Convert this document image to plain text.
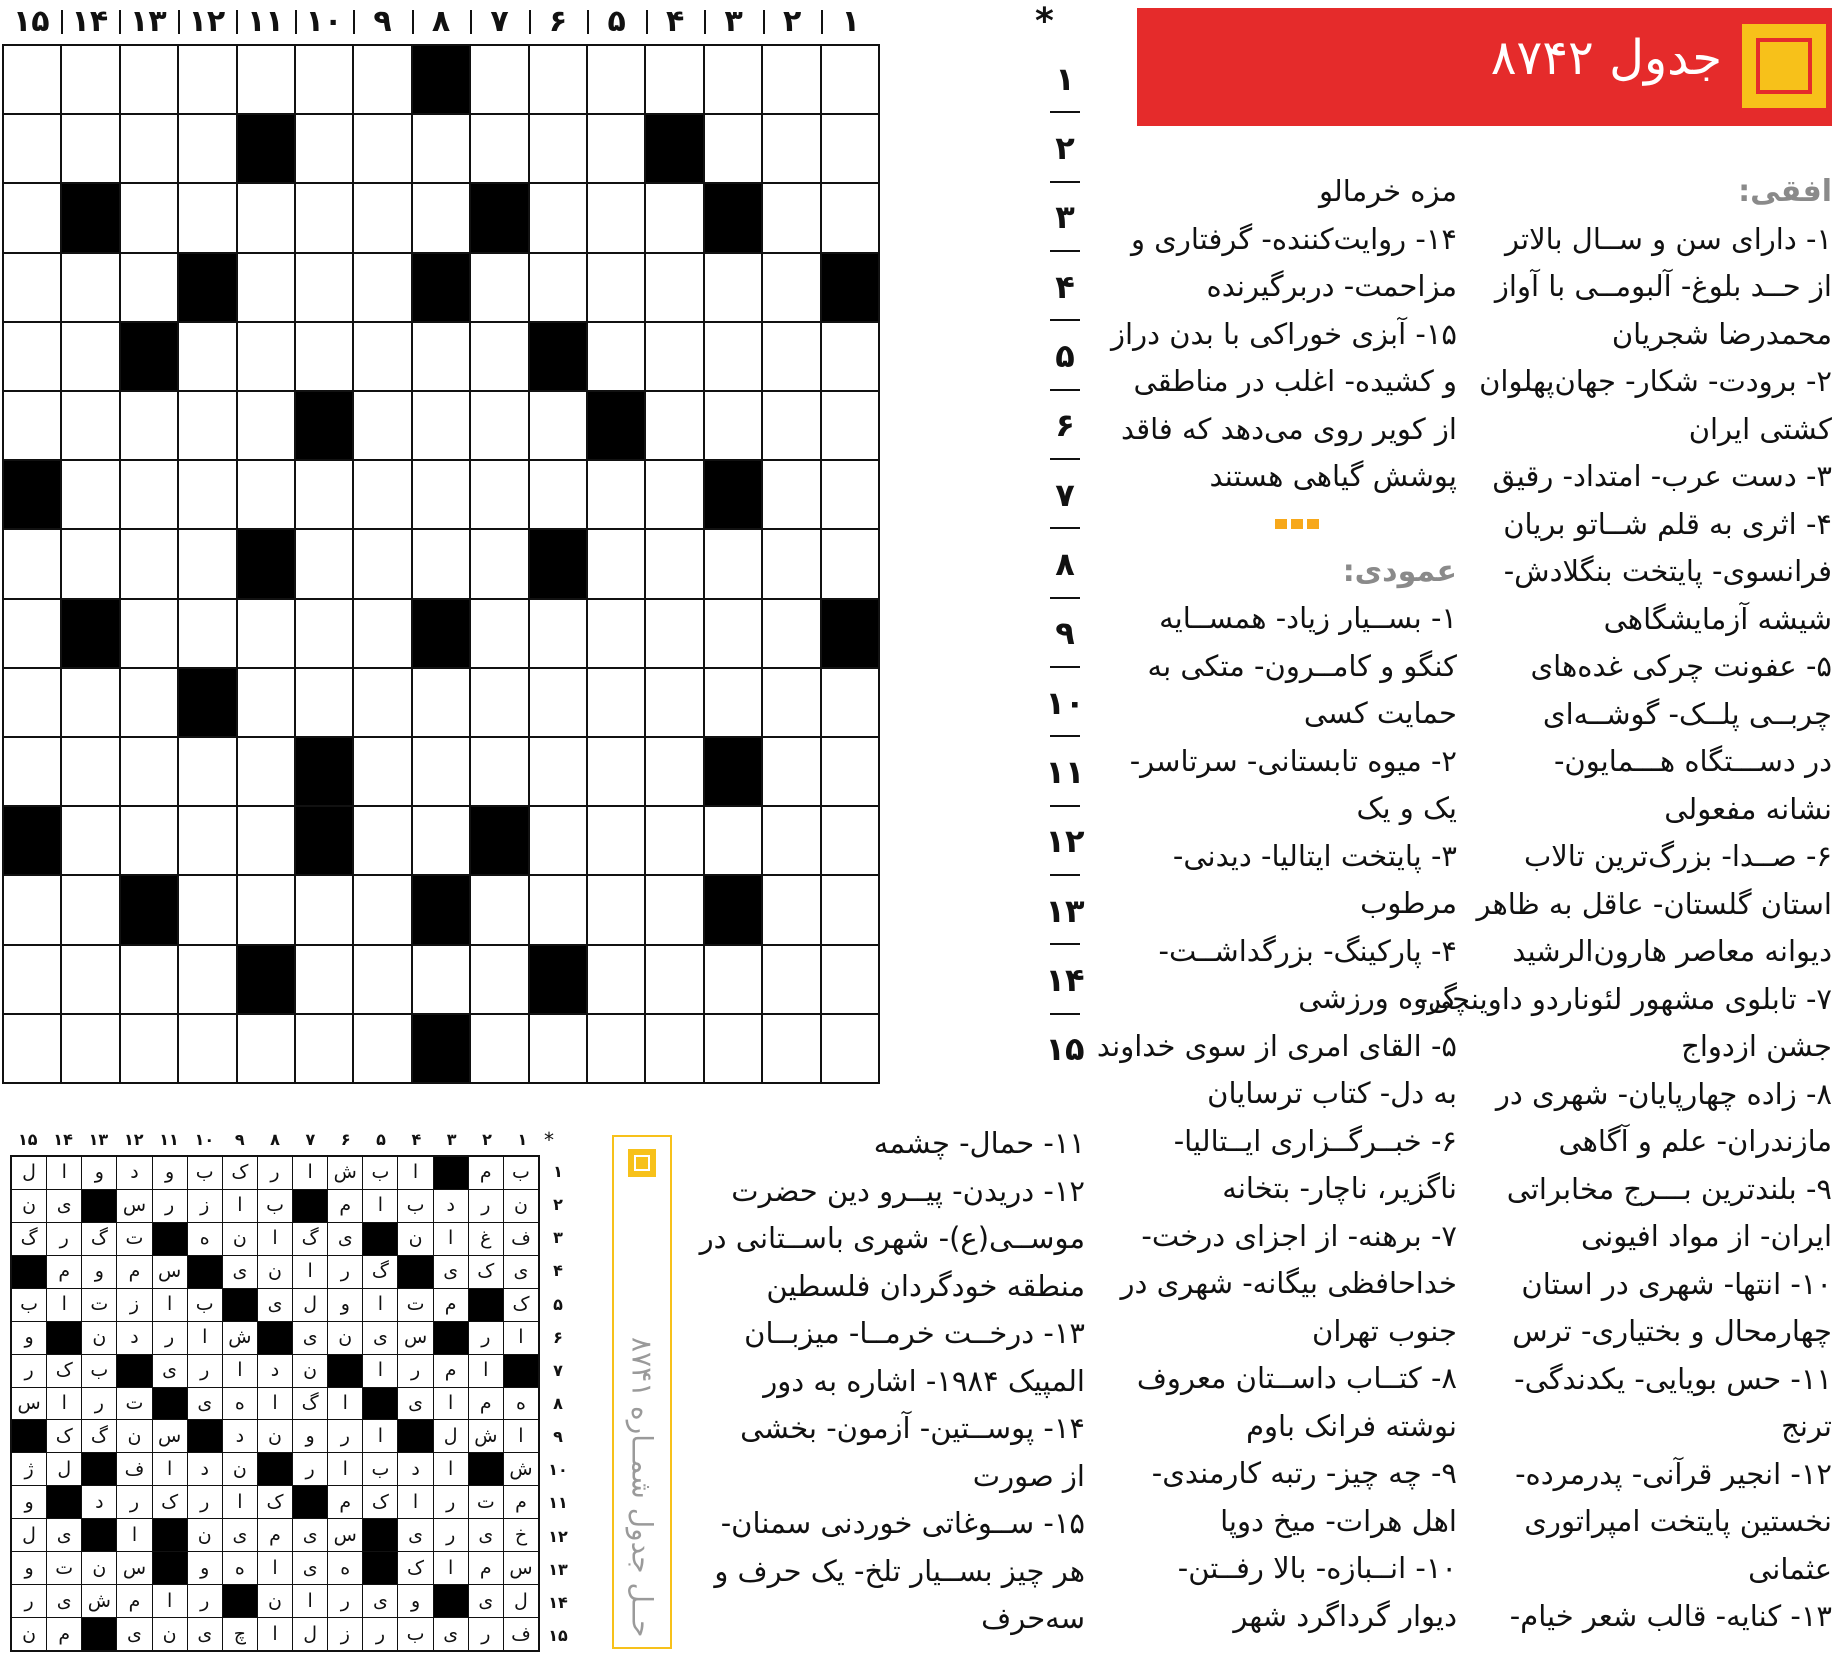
۱
۲
۳
۴
۵
۶
۷
۸
۹
۱۰
۱۱
۱۲
۱۳
۱۴
۱۵	*
۱
۲
۳
۴
۵
۶
۷
۸
۹
۱۰
۱۱
۱۲
۱۳
۱۴
۱۵
جدول ۸۷۴۲
افقی:
۱- دارای سن و ســال بالاتر
از حــد بلوغ- آلبومــی با آواز
محمدرضا شجریان
۲- برودت- شکار- جهان‌پهلوان
کشتی ایران
۳- دست عرب- امتداد- رقیق
۴- اثری به قلم شــاتو بریان
فرانسوی- پایتخت بنگلادش-
شیشه آزمایشگاهی
۵- عفونت چرکی غده‌های
چربــی پلــک- گوشــه‌ای
در دســـتگاه هـــمایون-
نشانه مفعولی
۶- صــدا- بزرگ‌ترین تالاب
استان گلستان- عاقل به ظاهر
دیوانه معاصر هارون‌الرشید
۷- تابلوی مشهور لئوناردو داوینچی-
جشن ازدواج
۸- زاده چهارپایان- شهری در
مازندران- علم و آگاهی
۹- بلندترین بـــرج مخابراتی
ایران- از مواد افیونی
۱۰- انتها- شهری در استان
چهارمحال و بختیاری- ترس
۱۱- حس بویایی- یکدندگی-
ترنج
۱۲- انجیر قرآنی- پدرمرده-
نخستین پایتخت امپراتوری
عثمانی
۱۳- کنایه- قالب شعر خیام-
مزه خرمالو
۱۴- روایت‌کننده- گرفتاری و
مزاحمت- دربرگیرنده
۱۵- آبزی خوراکی با بدن دراز
و کشیده- اغلب در مناطقی
از کویر روی می‌دهد که فاقد
پوشش گیاهی هستند
عمودی:
۱- بســیار زیاد- همســایه
کنگو و کامــرون- متکی به
حمایت کسی
۲- میوه تابستانی- سرتاسر-
یک و یک
۳- پایتخت ایتالیا- دیدنی-
مرطوب
۴- پارکینگ- بزرگداشــت-
گروه ورزشی
۵- القای امری از سوی خداوند
به دل- کتاب ترسایان
۶- خبــرگــزاری ایــتالیا-
ناگزیر، ناچار- بتخانه
۷- برهنه- از اجزای درخت-
خداحافظی بیگانه- شهری در
جنوب تهران
۸- کتــاب داســتان معروف
نوشته فرانک باوم
۹- چه چیز- رتبه کارمندی-
اهل هرات- میخ دوپا
۱۰- انــبازه- بالا رفــتن-
دیوار گرداگرد شهر
۱۱- حمال- چشمه
۱۲- دریدن- پیــرو دین حضرت
موســی(ع)- شهری باســتانی در
منطقه خودگردان فلسطین
۱۳- درخــت خرمــا- میزبــان
المپیک ۱۹۸۴- اشاره به دور
۱۴- پوســتین- آزمون- بخشی
از صورت
۱۵- ســوغاتی خوردنی سمنان-
هر چیز بســیار تلخ- یک حرف و
سه‌حرف
حــل جدول شمــاره ۸۷۴۱
۱
۲
۳
۴
۵
۶
۷
۸
۹
۱۰
۱۱
۱۲
۱۳
۱۴
۱۵	*
ب
م
ا
ب
ش
ا
ر
ک
ب
و
د
و
ا
ل
ن
ر
د
ب
ا
م
ب
ا
ز
ر
س
ی
ن
ف
غ
ا
ن
ی
گ
ا
ن
ه
ت
گ
ر
گ
ی
ک
ی
گ
ر
ا
ن
ی
س
م
و
م
ک
م
ت
ا
و
ل
ی
ب
ا
ز
ت
ا
ب
ا
ر
س
ی
ن
ی
ش
ا
ر
د
ن
و
ا
م
ر
ا
ن
د
ا
ر
ی
ب
ک
ر
ه
م
ا
ی
ا
گ
ا
ه
ی
ت
ر
ا
س
ا
ش
ل
ا
ر
و
ن
د
س
ن
گ
ک
ش
ا
د
ب
ا
ر
ن
د
ا
ف
ل
ژ
م
ت
ر
ا
ک
م
ک
ا
ر
ک
ر
د
و
خ
ی
ر
ی
س
ی
م
ی
ن
ا
ی
ل
س
م
ا
ک
ه
ی
ا
ه
و
س
ن
ت
و
ل
ی
و
ی
ر
ا
ن
ر
ا
م
ش
ی
ر
ف
ر
ی
ب
ر
ز
ل
ا
چ
ی
ن
ی
م
ن
۱
۲
۳
۴
۵
۶
۷
۸
۹
۱۰
۱۱
۱۲
۱۳
۱۴
۱۵
